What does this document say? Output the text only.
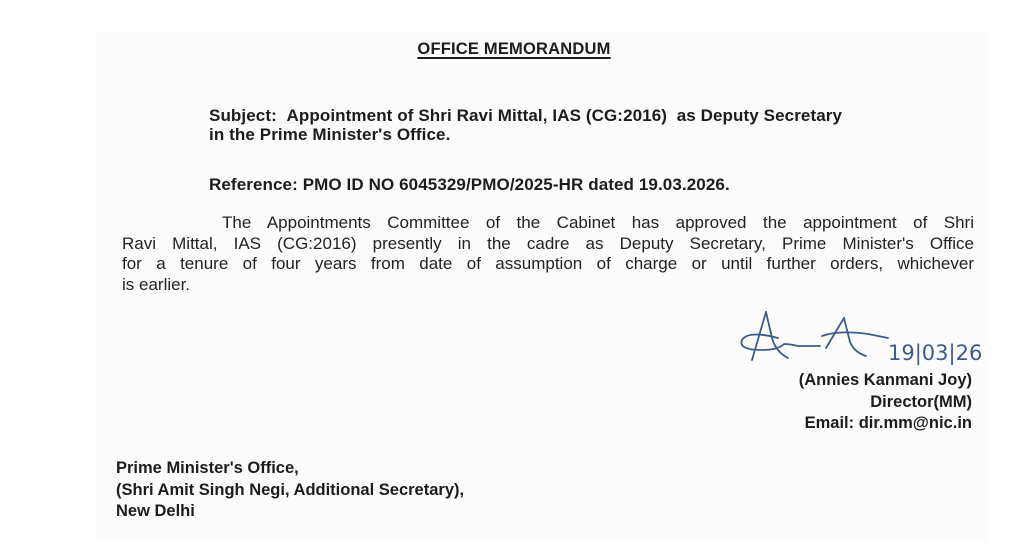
OFFICE MEMORANDUM
Subject: Appointment of Shri Ravi Mittal, IAS (CG:2016)  as Deputy Secretary
in the Prime Minister's Office.
Reference: PMO ID NO 6045329/PMO/2025-HR dated 19.03.2026.
The Appointments Committee of the Cabinet has approved the appointment of Shri
Ravi Mittal, IAS (CG:2016) presently in the cadre as Deputy Secretary, Prime Minister's Office
for a tenure of four years from date of assumption of charge or until further orders, whichever
is earlier.
19|03|26
(Annies Kanmani Joy)
Director(MM)
Email: dir.mm@nic.in
Prime Minister's Office,
(Shri Amit Singh Negi, Additional Secretary),
New Delhi
